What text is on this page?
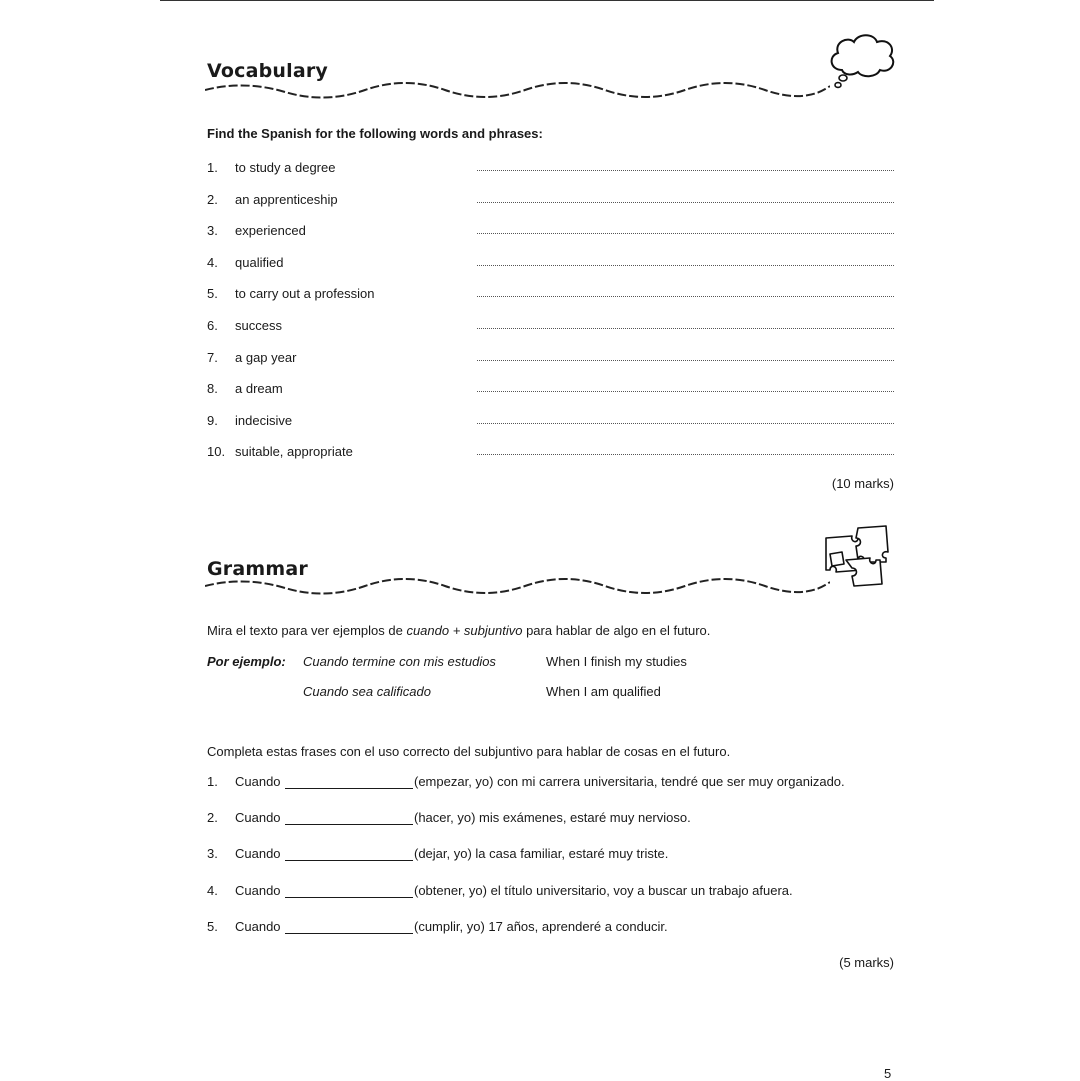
Vocabulary

Find the Spanish for the following words and phrases:

1. to study a degree
2. an apprenticeship
3. experienced
4. qualified
5. to carry out a profession
6. success
7. a gap year
8. a dream
9. indecisive
10. suitable, appropriate
(10 marks)
Grammar

Mira el texto para ver ejemplos de cuando + subjuntivo para hablar de algo en el futuro.

Por ejemplo: Cuando termine con mis estudios	When I finish my studies
Cuando sea calificado	When I am qualified

Completa estas frases con el uso correcto del subjuntivo para hablar de cosas en el futuro.

1. Cuando	(empezar, yo) con mi carrera universitaria, tendré que ser muy organizado.
2. Cuando	(hacer, yo) mis exámenes, estaré muy nervioso.
3. Cuando	(dejar, yo) la casa familiar, estaré muy triste.
4. Cuando	(obtener, yo) el título universitario, voy a buscar un trabajo afuera.
5. Cuando	(cumplir, yo) 17 años, aprenderé a conducir.
(5 marks)
5
